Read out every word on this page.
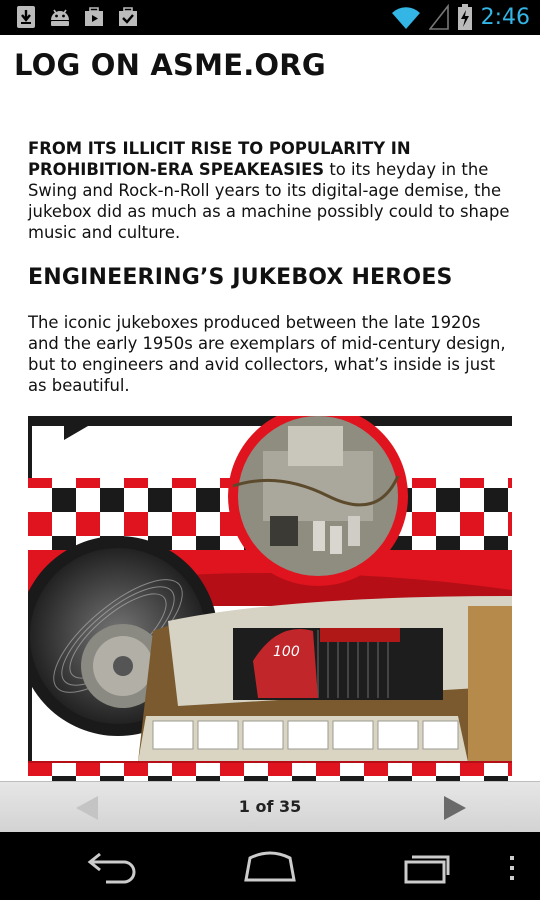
2:46
LOG ON ASME.ORG

FROM ITS ILLICIT RISE TO POPULARITY IN PROHIBITION-ERA SPEAKEASIES to its heyday in the Swing and Rock-n-Roll years to its digital-age demise, the jukebox did as much as a machine possibly could to shape music and culture.

ENGINEERING’S JUKEBOX HEROES

The iconic jukeboxes produced between the late 1920s and the early 1950s are exemplars of mid-century design, but to engineers and avid collectors, what’s inside is just as beautiful.

100
1 of 35
